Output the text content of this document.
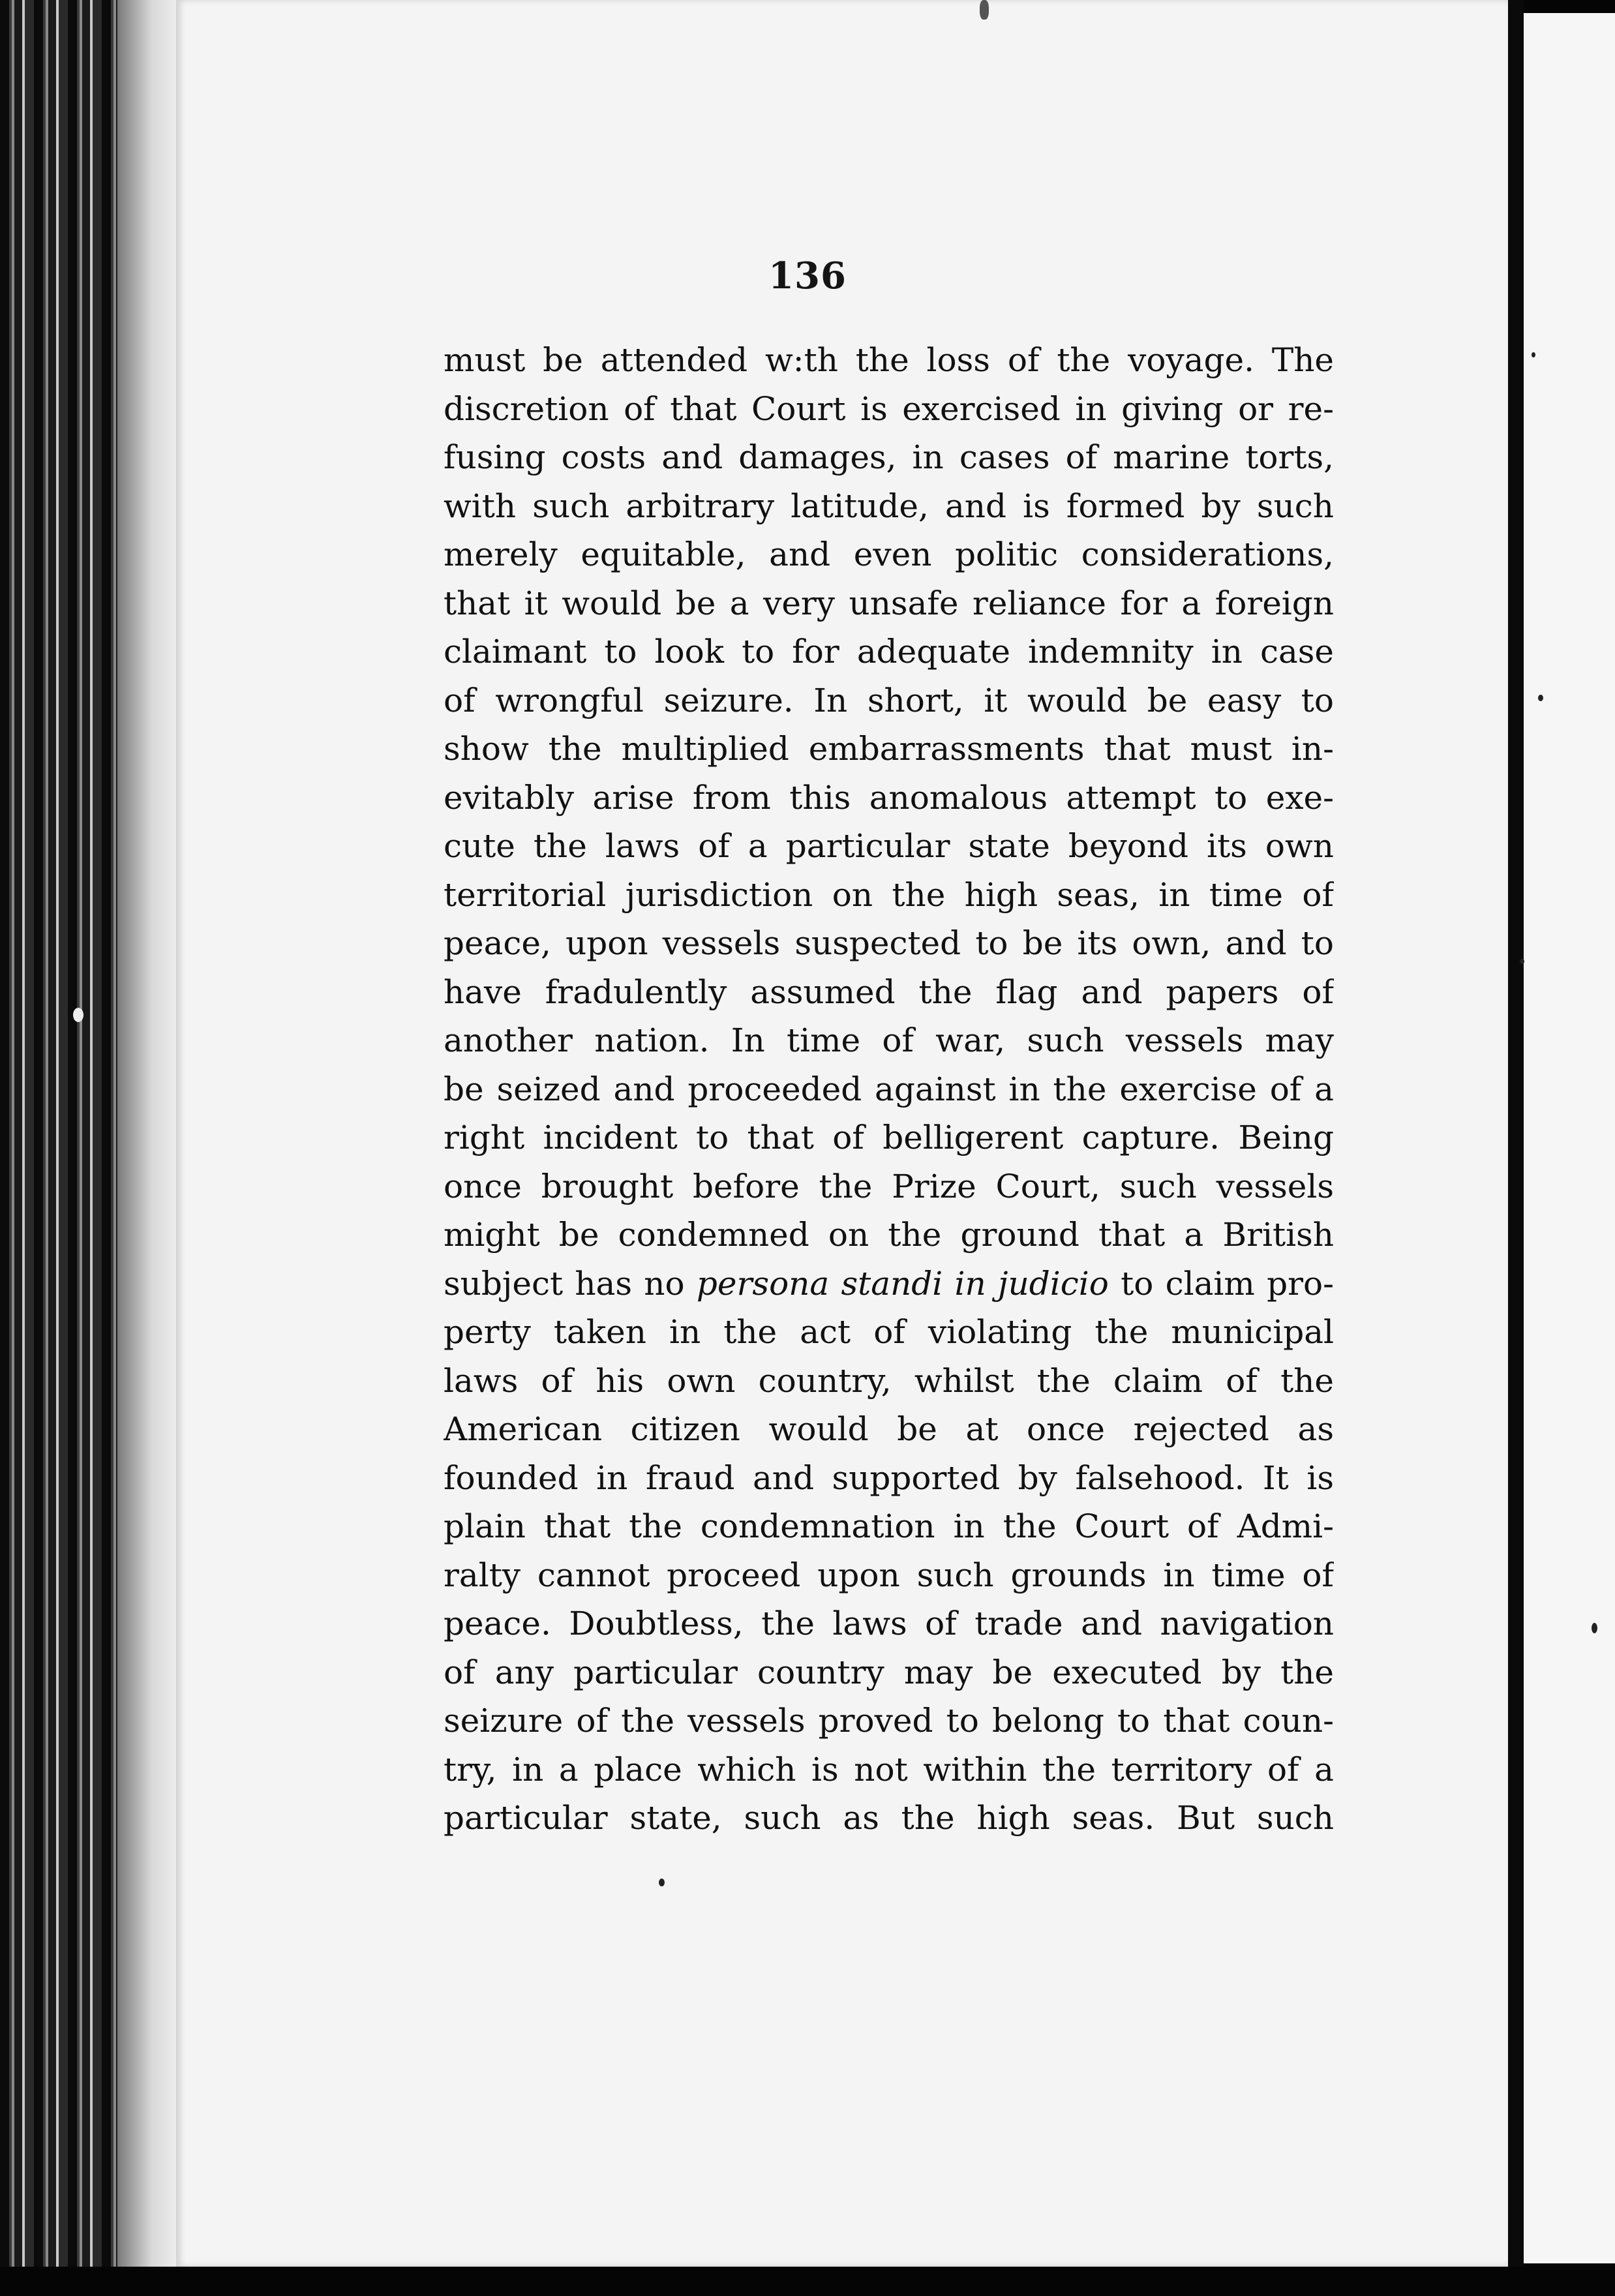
136
must be attended w:th the loss of the voyage. The
discretion of that Court is exercised in giving or re-
fusing costs and damages, in cases of marine torts,
with such arbitrary latitude, and is formed by such
merely equitable, and even politic considerations,
that it would be a very unsafe reliance for a foreign
claimant to look to for adequate indemnity in case
of wrongful seizure. In short, it would be easy to
show the multiplied embarrassments that must in-
evitably arise from this anomalous attempt to exe-
cute the laws of a particular state beyond its own
territorial jurisdiction on the high seas, in time of
peace, upon vessels suspected to be its own, and to
have fradulently assumed the flag and papers of
another nation. In time of war, such vessels may
be seized and proceeded against in the exercise of a
right incident to that of belligerent capture. Being
once brought before the Prize Court, such vessels
might be condemned on the ground that a British
subject has no persona standi in judicio to claim pro-
perty taken in the act of violating the municipal
laws of his own country, whilst the claim of the
American citizen would be at once rejected as
founded in fraud and supported by falsehood. It is
plain that the condemnation in the Court of Admi-
ralty cannot proceed upon such grounds in time of
peace. Doubtless, the laws of trade and navigation
of any particular country may be executed by the
seizure of the vessels proved to belong to that coun-
try, in a place which is not within the territory of a
particular state, such as the high seas. But such
